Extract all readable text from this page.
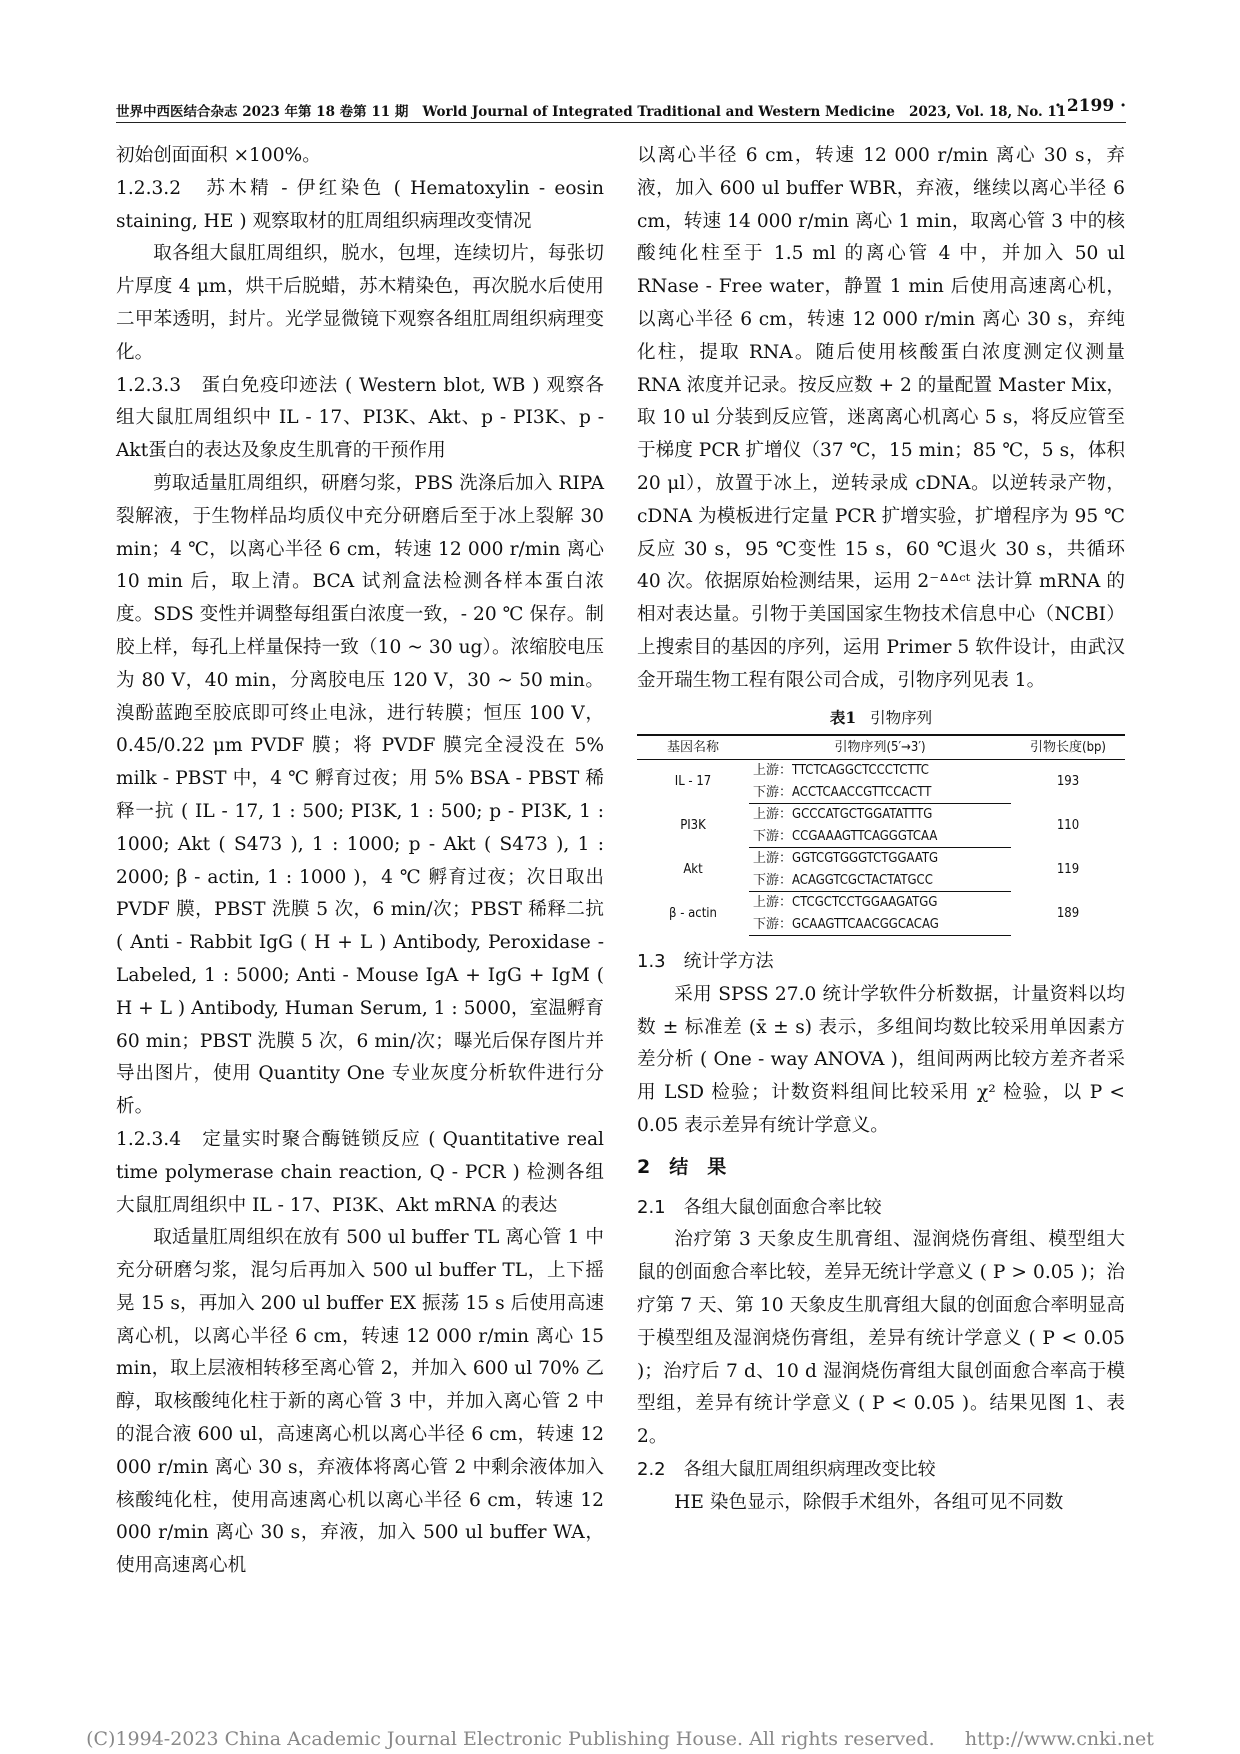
世界中西医结合杂志 2023 年第 18 卷第 11 期 World Journal of Integrated Traditional and Western Medicine 2023, Vol. 18, No. 11
· 2199 ·

初始创面面积 ×100%。

1.2.3.2　苏木精 - 伊红染色 ( Hematoxylin - eosin staining, HE ) 观察取材的肛周组织病理改变情况

取各组大鼠肛周组织，脱水，包埋，连续切片，每张切片厚度 4 μm，烘干后脱蜡，苏木精染色，再次脱水后使用二甲苯透明，封片。光学显微镜下观察各组肛周组织病理变化。

1.2.3.3　蛋白免疫印迹法 ( Western blot, WB ) 观察各组大鼠肛周组织中 IL - 17、PI3K、Akt、p - PI3K、p - Akt蛋白的表达及象皮生肌膏的干预作用

剪取适量肛周组织，研磨匀浆，PBS 洗涤后加入 RIPA 裂解液，于生物样品均质仪中充分研磨后至于冰上裂解 30 min；4 ℃，以离心半径 6 cm，转速 12 000 r/min 离心 10 min 后，取上清。BCA 试剂盒法检测各样本蛋白浓度。SDS 变性并调整每组蛋白浓度一致，- 20 ℃ 保存。制胶上样，每孔上样量保持一致（10 ~ 30 ug）。浓缩胶电压为 80 V，40 min，分离胶电压 120 V，30 ~ 50 min。溴酚蓝跑至胶底即可终止电泳，进行转膜；恒压 100 V，0.45/0.22 μm PVDF 膜；将 PVDF 膜完全浸没在 5% milk - PBST 中，4 ℃ 孵育过夜；用 5% BSA - PBST 稀释一抗 ( IL - 17, 1 : 500; PI3K, 1 : 500; p - PI3K, 1 : 1000; Akt ( S473 ), 1 : 1000; p - Akt ( S473 ), 1 : 2000; β - actin, 1 : 1000 )，4 ℃ 孵育过夜；次日取出 PVDF 膜，PBST 洗膜 5 次，6 min/次；PBST 稀释二抗 ( Anti - Rabbit IgG ( H + L ) Antibody, Peroxidase - Labeled, 1 : 5000; Anti - Mouse IgA + IgG + IgM ( H + L ) Antibody, Human Serum, 1 : 5000，室温孵育 60 min；PBST 洗膜 5 次，6 min/次；曝光后保存图片并导出图片，使用 Quantity One 专业灰度分析软件进行分析。

1.2.3.4　定量实时聚合酶链锁反应 ( Quantitative real time polymerase chain reaction, Q - PCR ) 检测各组大鼠肛周组织中 IL - 17、PI3K、Akt mRNA 的表达

取适量肛周组织在放有 500 ul buffer TL 离心管 1 中充分研磨匀浆，混匀后再加入 500 ul buffer TL，上下摇晃 15 s，再加入 200 ul buffer EX 振荡 15 s 后使用高速离心机，以离心半径 6 cm，转速 12 000 r/min 离心 15 min，取上层液相转移至离心管 2，并加入 600 ul 70% 乙醇，取核酸纯化柱于新的离心管 3 中，并加入离心管 2 中的混合液 600 ul，高速离心机以离心半径 6 cm，转速 12 000 r/min 离心 30 s，弃液体将离心管 2 中剩余液体加入核酸纯化柱，使用高速离心机以离心半径 6 cm，转速 12 000 r/min 离心 30 s，弃液，加入 500 ul buffer WA，使用高速离心机

以离心半径 6 cm，转速 12 000 r/min 离心 30 s，弃液，加入 600 ul buffer WBR，弃液，继续以离心半径 6 cm，转速 14 000 r/min 离心 1 min，取离心管 3 中的核酸纯化柱至于 1.5 ml 的离心管 4 中，并加入 50 ul RNase - Free water，静置 1 min 后使用高速离心机，以离心半径 6 cm，转速 12 000 r/min 离心 30 s，弃纯化柱，提取 RNA。随后使用核酸蛋白浓度测定仪测量 RNA 浓度并记录。按反应数 + 2 的量配置 Master Mix，取 10 ul 分装到反应管，迷离离心机离心 5 s，将反应管至于梯度 PCR 扩增仪（37 ℃，15 min；85 ℃，5 s，体积 20 μl），放置于冰上，逆转录成 cDNA。以逆转录产物，cDNA 为模板进行定量 PCR 扩增实验，扩增程序为 95 ℃反应 30 s，95 ℃变性 15 s，60 ℃退火 30 s，共循环 40 次。依据原始检测结果，运用 2⁻ᐞᐞᶜᵗ 法计算 mRNA 的相对表达量。引物于美国国家生物技术信息中心（NCBI）上搜索目的基因的序列，运用 Primer 5 软件设计，由武汉金开瑞生物工程有限公司合成，引物序列见表 1。

表1 引物序列
基因名称	引物序列(5′→3′)	引物长度(bp)
IL - 17	上游：TTCTCAGGCTCCCTCTTC	193
	下游：ACCTCAACCGTTCCACTT	
PI3K	上游：GCCCATGCTGGATATTTG	110
	下游：CCGAAAGTTCAGGGTCAA	
Akt	上游：GGTCGTGGGTCTGGAATG	119
	下游：ACAGGTCGCTACTATGCC	
β - actin	上游：CTCGCTCCTGGAAGATGG	189
	下游：GCAAGTTCAACGGCACAG	

1.3　统计学方法

采用 SPSS 27.0 统计学软件分析数据，计量资料以均数 ± 标准差 (x̄ ± s) 表示，多组间均数比较采用单因素方差分析 ( One - way ANOVA )，组间两两比较方差齐者采用 LSD 检验；计数资料组间比较采用 χ² 检验，以 P < 0.05 表示差异有统计学意义。

2　结　果

2.1　各组大鼠创面愈合率比较

治疗第 3 天象皮生肌膏组、湿润烧伤膏组、模型组大鼠的创面愈合率比较，差异无统计学意义 ( P > 0.05 )；治疗第 7 天、第 10 天象皮生肌膏组大鼠的创面愈合率明显高于模型组及湿润烧伤膏组，差异有统计学意义 ( P < 0.05 )；治疗后 7 d、10 d 湿润烧伤膏组大鼠创面愈合率高于模型组，差异有统计学意义 ( P < 0.05 )。结果见图 1、表 2。

2.2　各组大鼠肛周组织病理改变比较

HE 染色显示，除假手术组外，各组可见不同数

(C)1994-2023 China Academic Journal Electronic Publishing House. All rights reserved. http://www.cnki.net
